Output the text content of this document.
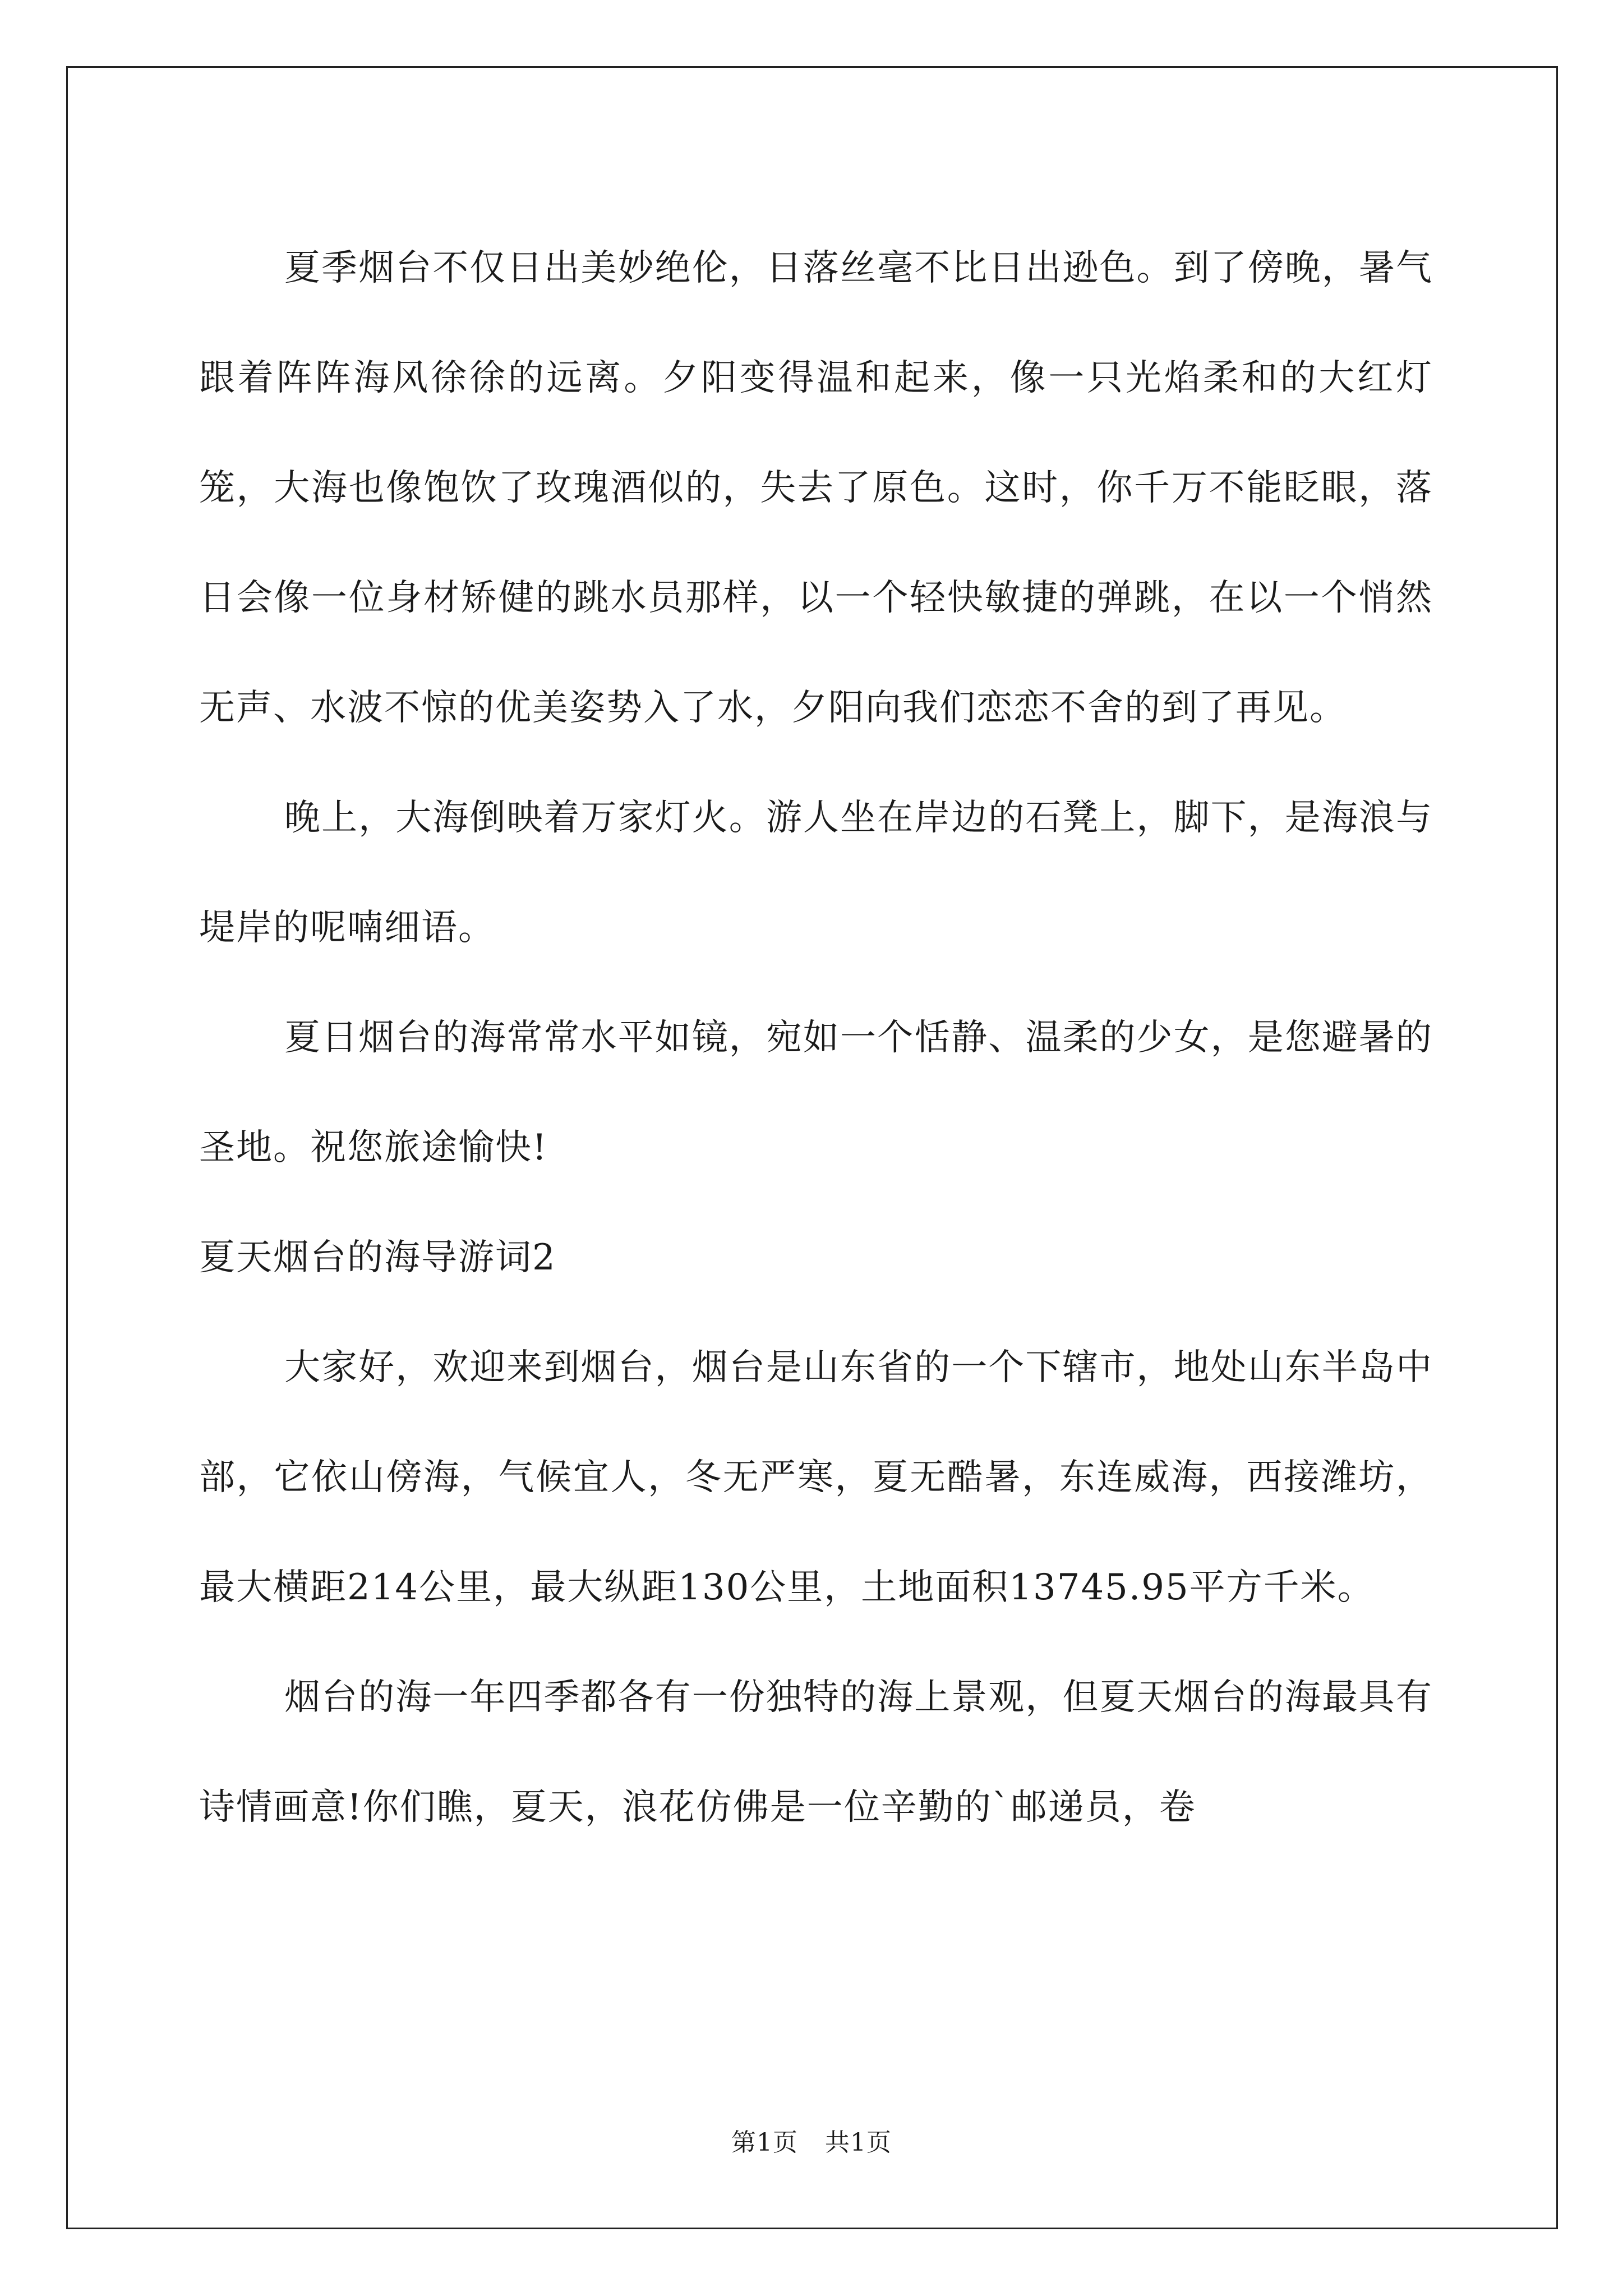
夏季烟台不仅日出美妙绝伦，日落丝毫不比日出逊色。到了傍晚，暑气跟着阵阵海风徐徐的远离。夕阳变得温和起来，像一只光焰柔和的大红灯笼，大海也像饱饮了玫瑰酒似的，失去了原色。这时，你千万不能眨眼，落日会像一位身材矫健的跳水员那样，以一个轻快敏捷的弹跳，在以一个悄然无声、水波不惊的优美姿势入了水，夕阳向我们恋恋不舍的到了再见。

晚上，大海倒映着万家灯火。游人坐在岸边的石凳上，脚下，是海浪与堤岸的呢喃细语。

夏日烟台的海常常水平如镜，宛如一个恬静、温柔的少女，是您避暑的圣地。祝您旅途愉快!

夏天烟台的海导游词2

大家好，欢迎来到烟台，烟台是山东省的一个下辖市，地处山东半岛中部，它依山傍海，气候宜人，冬无严寒，夏无酷暑，东连威海，西接潍坊，最大横距214公里，最大纵距130公里，土地面积13745.95平方千米。

烟台的海一年四季都各有一份独特的海上景观，但夏天烟台的海最具有诗情画意!你们瞧，夏天，浪花仿佛是一位辛勤的`邮递员，卷

第1页 共1页
